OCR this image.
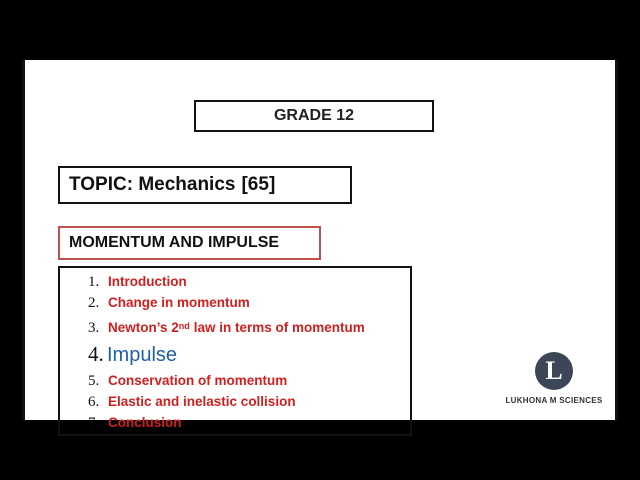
GRADE 12
TOPIC: Mechanics [65]
MOMENTUM AND IMPULSE
1. Introduction
2. Change in momentum
3. Newton’s 2nd law in terms of momentum
4. Impulse
5. Conservation of momentum
6. Elastic and inelastic collision
7. Conclusion
L
LUKHONA M SCIENCES
